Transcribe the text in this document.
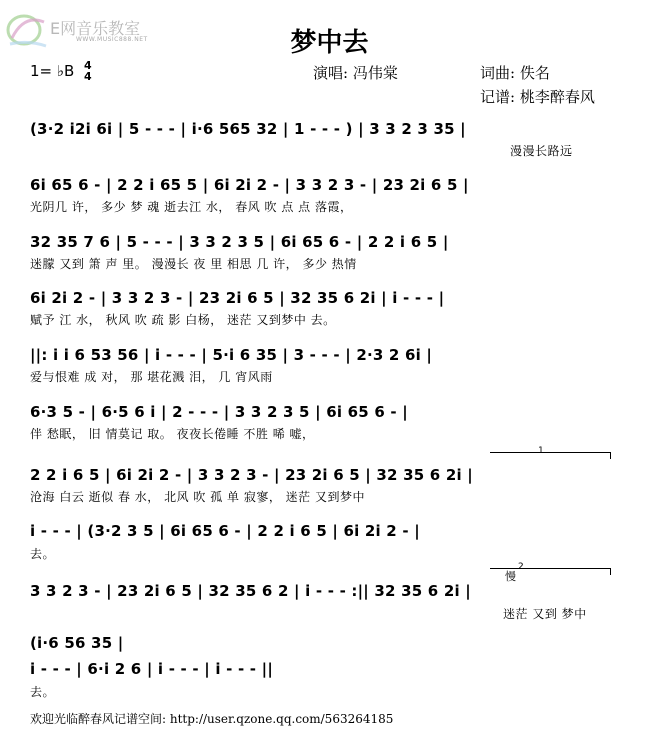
E网音乐教室
WWW.MUSIC888.NET	梦中去
1= ♭B 4
4	演唱: 冯伟棠	词曲: 佚名
记谱: 桃李醉春风
(3·2 i2i 6i | 5 - - - | i·6 565 32 | 1 - - - ) | 3 3 2 3 35 |
漫漫长路远
6i 65 6 - | 2 2 i 65 5 | 6i 2i 2 - | 3 3 2 3 - | 23 2i 6 5 |
光阴几 许， 多少 梦 魂 逝去江 水， 春风 吹 点 点 落霞，
32 35 7 6 | 5 - - - | 3 3 2 3 5 | 6i 65 6 - | 2 2 i 6 5 |
迷朦 又到 箫 声 里。 漫漫长 夜 里 相思 几 许， 多少 热情
6i 2i 2 - | 3 3 2 3 - | 23 2i 6 5 | 32 35 6 2i | i - - - |
赋予 江 水， 秋风 吹 疏 影 白杨， 迷茫 又到梦中 去。
||: i i 6 53 56 | i - - - | 5·i 6 35 | 3 - - - | 2·3 2 6i |
爱与恨难 成 对， 那 堪花溅 泪， 几 宵风雨
6·3 5 - | 6·5 6 i | 2 - - - | 3 3 2 3 5 | 6i 65 6 - |
伴 愁眠， 旧 情莫记 取。 夜夜长倦睡 不胜 唏 嘘，
1
2 2 i 6 5 | 6i 2i 2 - | 3 3 2 3 - | 23 2i 6 5 | 32 35 6 2i |
沧海 白云 逝似 春 水， 北风 吹 孤 单 寂寥， 迷茫 又到梦中
i - - - | (3·2 3 5 | 6i 65 6 - | 2 2 i 6 5 | 6i 2i 2 - |
去。
2
慢
3 3 2 3 - | 23 2i 6 5 | 32 35 6 2 | i - - - :|| 32 35 6 2i |
迷茫 又到 梦中
(i·6 56 35 |
i - - - | 6·i 2 6 | i - - - | i - - - ||
去。
欢迎光临醉春风记谱空间: http://user.qzone.qq.com/563264185
